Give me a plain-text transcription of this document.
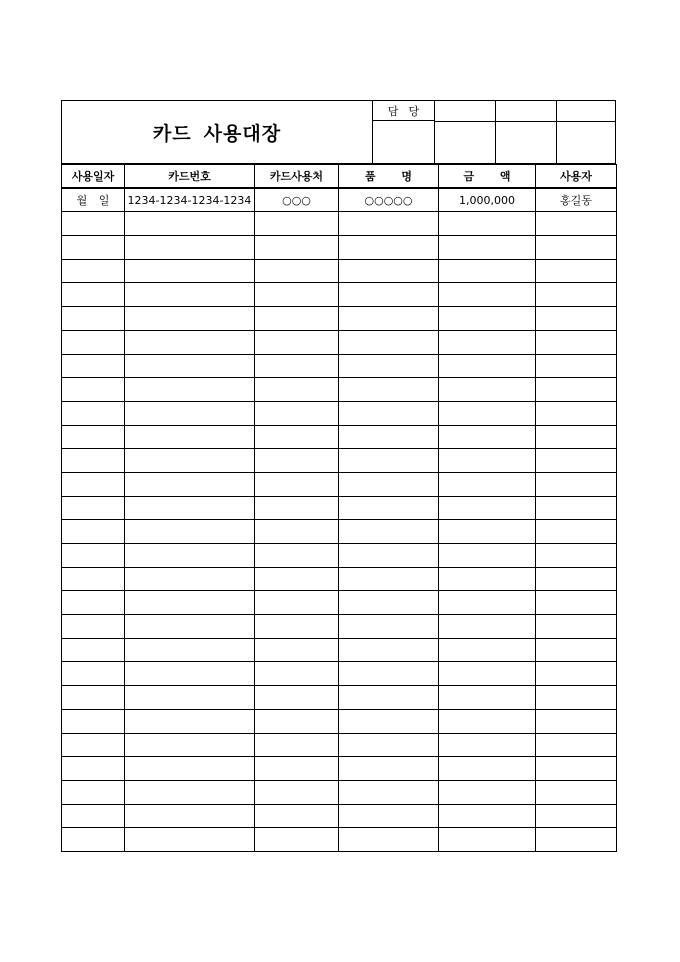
카드 사용대장
담 당
사용일자	카드번호	카드사용처	품 명	금 액	사용자
월 일	1234-1234-1234-1234	○○○	○○○○○	1,000,000	홍길동
